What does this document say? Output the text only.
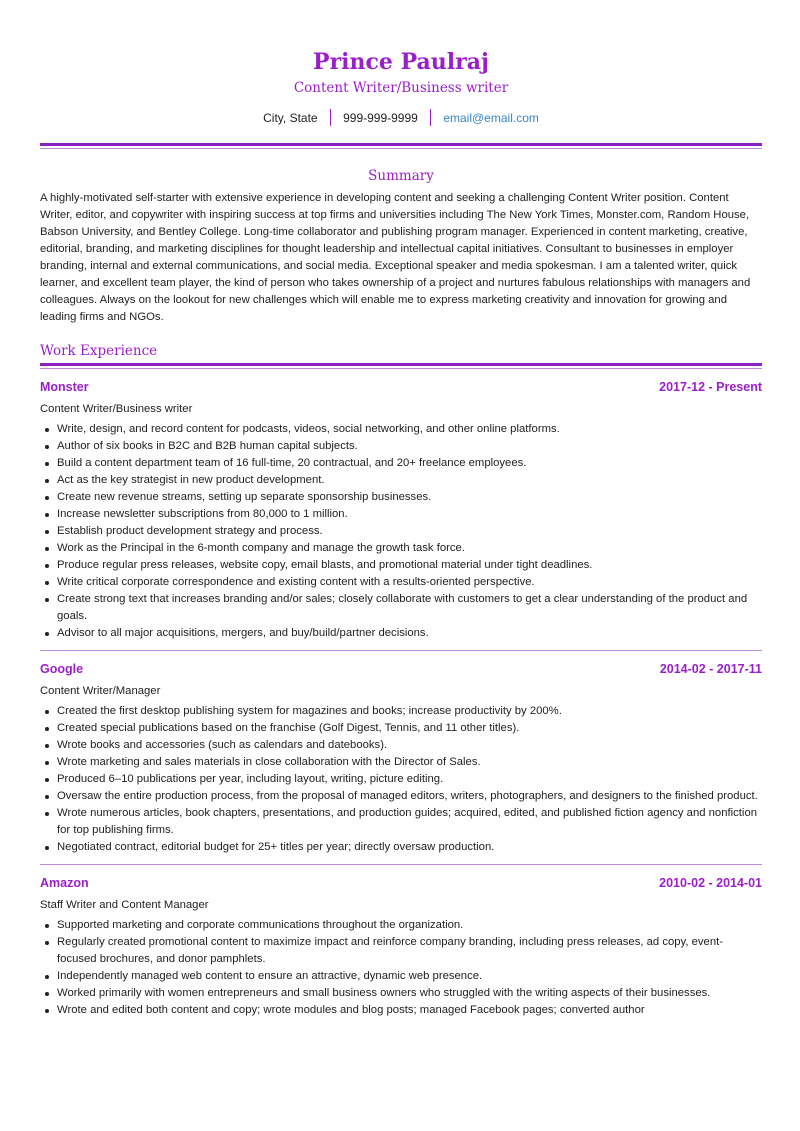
Prince Paulraj
Content Writer/Business writer
City, State 999-999-9999 email@email.com
Summary
A highly-motivated self-starter with extensive experience in developing content and seeking a challenging Content Writer position. Content Writer, editor, and copywriter with inspiring success at top firms and universities including The New York Times, Monster.com, Random House, Babson University, and Bentley College. Long-time collaborator and publishing program manager. Experienced in content marketing, creative, editorial, branding, and marketing disciplines for thought leadership and intellectual capital initiatives. Consultant to businesses in employer branding, internal and external communications, and social media. Exceptional speaker and media spokesman. I am a talented writer, quick learner, and excellent team player, the kind of person who takes ownership of a project and nurtures fabulous relationships with managers and colleagues. Always on the lookout for new challenges which will enable me to express marketing creativity and innovation for growing and leading firms and NGOs.
Work Experience
Monster	2017-12 - Present
Content Writer/Business writer
Write, design, and record content for podcasts, videos, social networking, and other online platforms.
Author of six books in B2C and B2B human capital subjects.
Build a content department team of 16 full-time, 20 contractual, and 20+ freelance employees.
Act as the key strategist in new product development.
Create new revenue streams, setting up separate sponsorship businesses.
Increase newsletter subscriptions from 80,000 to 1 million.
Establish product development strategy and process.
Work as the Principal in the 6-month company and manage the growth task force.
Produce regular press releases, website copy, email blasts, and promotional material under tight deadlines.
Write critical corporate correspondence and existing content with a results-oriented perspective.
Create strong text that increases branding and/or sales; closely collaborate with customers to get a clear understanding of the product and goals.
Advisor to all major acquisitions, mergers, and buy/build/partner decisions.
Google	2014-02 - 2017-11
Content Writer/Manager
Created the first desktop publishing system for magazines and books; increase productivity by 200%.
Created special publications based on the franchise (Golf Digest, Tennis, and 11 other titles).
Wrote books and accessories (such as calendars and datebooks).
Wrote marketing and sales materials in close collaboration with the Director of Sales.
Produced 6–10 publications per year, including layout, writing, picture editing.
Oversaw the entire production process, from the proposal of managed editors, writers, photographers, and designers to the finished product.
Wrote numerous articles, book chapters, presentations, and production guides; acquired, edited, and published fiction agency and nonfiction for top publishing firms.
Negotiated contract, editorial budget for 25+ titles per year; directly oversaw production.
Amazon	2010-02 - 2014-01
Staff Writer and Content Manager
Supported marketing and corporate communications throughout the organization.
Regularly created promotional content to maximize impact and reinforce company branding, including press releases, ad copy, event-focused brochures, and donor pamphlets.
Independently managed web content to ensure an attractive, dynamic web presence.
Worked primarily with women entrepreneurs and small business owners who struggled with the writing aspects of their businesses.
Wrote and edited both content and copy; wrote modules and blog posts; managed Facebook pages; converted author
